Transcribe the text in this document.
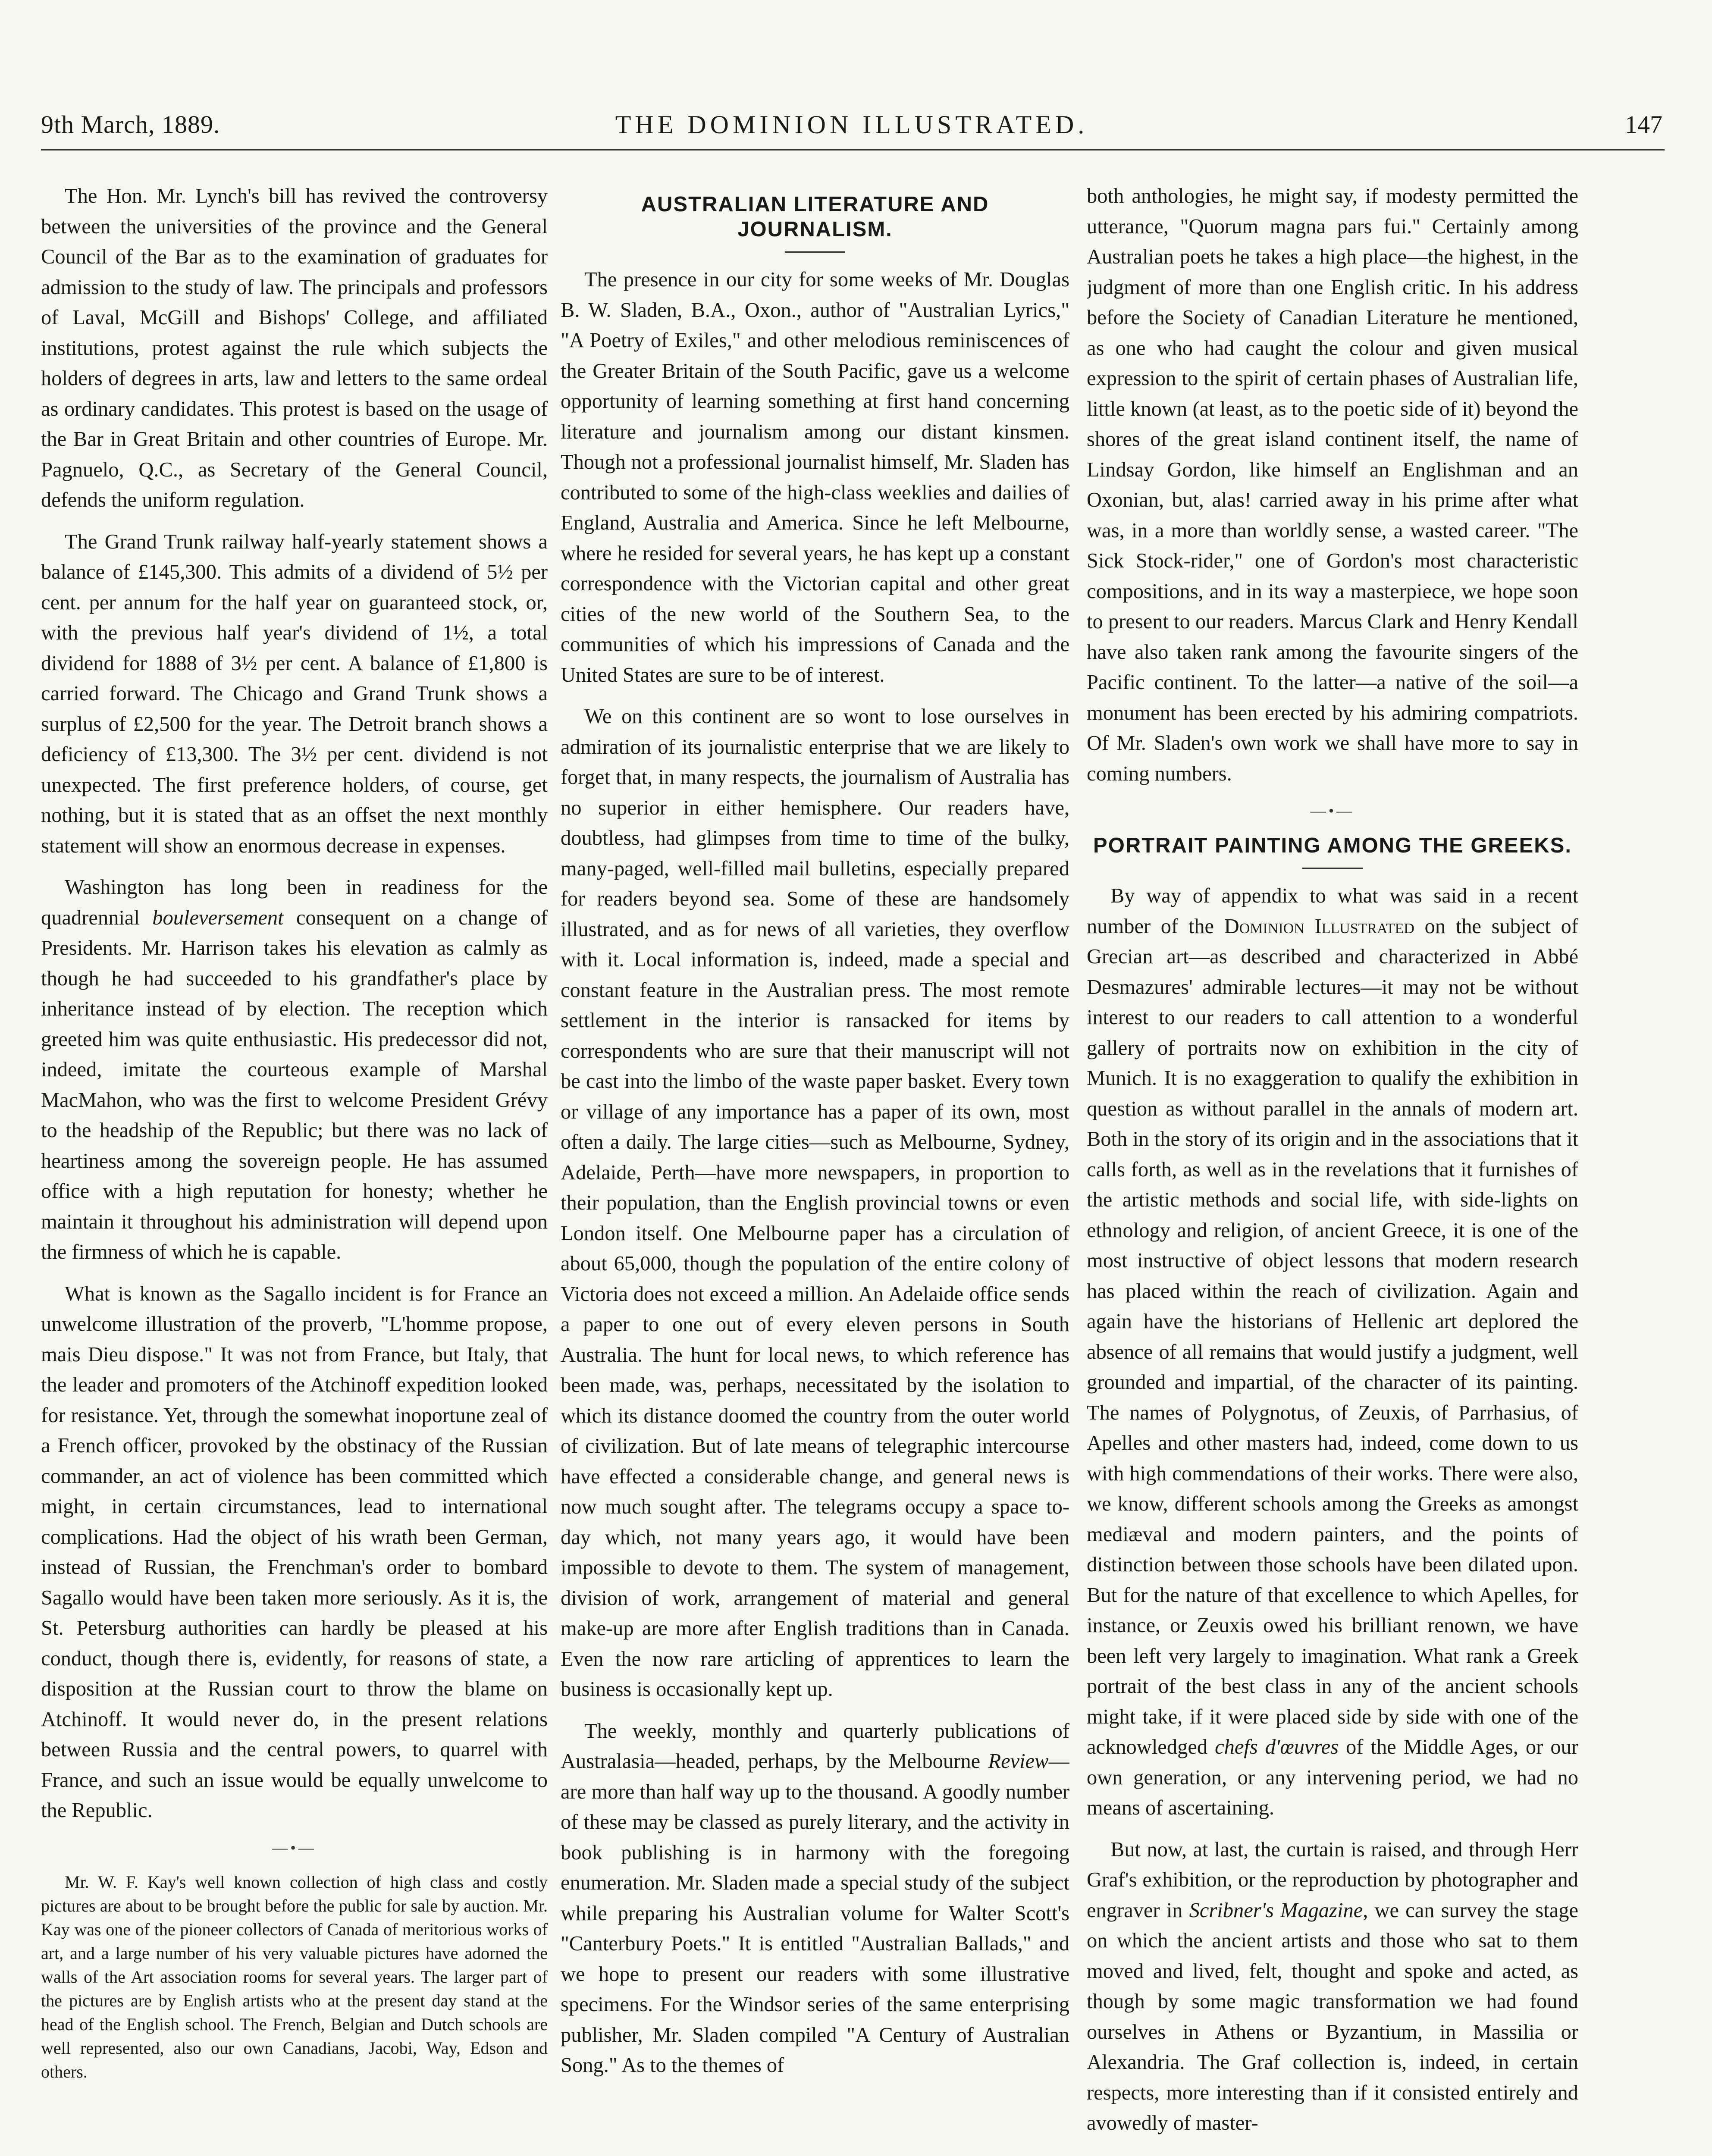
9th March, 1889.	THE DOMINION ILLUSTRATED.	147

The Hon. Mr. Lynch's bill has revived the controversy between the universities of the province and the General Council of the Bar as to the examination of graduates for admission to the study of law. The principals and professors of Laval, McGill and Bishops' College, and affiliated institutions, protest against the rule which subjects the holders of degrees in arts, law and letters to the same ordeal as ordinary candidates. This protest is based on the usage of the Bar in Great Britain and other countries of Europe. Mr. Pagnuelo, Q.C., as Secretary of the General Council, defends the uniform regulation.

The Grand Trunk railway half-yearly statement shows a balance of £145,300. This admits of a dividend of 5½ per cent. per annum for the half year on guaranteed stock, or, with the previous half year's dividend of 1½, a total dividend for 1888 of 3½ per cent. A balance of £1,800 is carried forward. The Chicago and Grand Trunk shows a surplus of £2,500 for the year. The Detroit branch shows a deficiency of £13,300. The 3½ per cent. dividend is not unexpected. The first preference holders, of course, get nothing, but it is stated that as an offset the next monthly statement will show an enormous decrease in expenses.

Washington has long been in readiness for the quadrennial bouleversement consequent on a change of Presidents. Mr. Harrison takes his elevation as calmly as though he had succeeded to his grandfather's place by inheritance instead of by election. The reception which greeted him was quite enthusiastic. His predecessor did not, indeed, imitate the courteous example of Marshal MacMahon, who was the first to welcome President Grévy to the headship of the Republic; but there was no lack of heartiness among the sovereign people. He has assumed office with a high reputation for honesty; whether he maintain it throughout his administration will depend upon the firmness of which he is capable.

What is known as the Sagallo incident is for France an unwelcome illustration of the proverb, "L'homme propose, mais Dieu dispose." It was not from France, but Italy, that the leader and promoters of the Atchinoff expedition looked for resistance. Yet, through the somewhat inoportune zeal of a French officer, provoked by the obstinacy of the Russian commander, an act of violence has been committed which might, in certain circumstances, lead to international complications. Had the object of his wrath been German, instead of Russian, the Frenchman's order to bombard Sagallo would have been taken more seriously. As it is, the St. Petersburg authorities can hardly be pleased at his conduct, though there is, evidently, for reasons of state, a disposition at the Russian court to throw the blame on Atchinoff. It would never do, in the present relations between Russia and the central powers, to quarrel with France, and such an issue would be equally unwelcome to the Republic.

—•—

Mr. W. F. Kay's well known collection of high class and costly pictures are about to be brought before the public for sale by auction. Mr. Kay was one of the pioneer collectors of Canada of meritorious works of art, and a large number of his very valuable pictures have adorned the walls of the Art association rooms for several years. The larger part of the pictures are by English artists who at the present day stand at the head of the English school. The French, Belgian and Dutch schools are well represented, also our own Canadians, Jacobi, Way, Edson and others.

AUSTRALIAN LITERATURE AND JOURNALISM.

The presence in our city for some weeks of Mr. Douglas B. W. Sladen, B.A., Oxon., author of "Australian Lyrics," "A Poetry of Exiles," and other melodious reminiscences of the Greater Britain of the South Pacific, gave us a welcome opportunity of learning something at first hand concerning literature and journalism among our distant kinsmen. Though not a professional journalist himself, Mr. Sladen has contributed to some of the high-class weeklies and dailies of England, Australia and America. Since he left Melbourne, where he resided for several years, he has kept up a constant correspondence with the Victorian capital and other great cities of the new world of the Southern Sea, to the communities of which his impressions of Canada and the United States are sure to be of interest.

We on this continent are so wont to lose ourselves in admiration of its journalistic enterprise that we are likely to forget that, in many respects, the journalism of Australia has no superior in either hemisphere. Our readers have, doubtless, had glimpses from time to time of the bulky, many-paged, well-filled mail bulletins, especially prepared for readers beyond sea. Some of these are handsomely illustrated, and as for news of all varieties, they overflow with it. Local information is, indeed, made a special and constant feature in the Australian press. The most remote settlement in the interior is ransacked for items by correspondents who are sure that their manuscript will not be cast into the limbo of the waste paper basket. Every town or village of any importance has a paper of its own, most often a daily. The large cities—such as Melbourne, Sydney, Adelaide, Perth—have more newspapers, in proportion to their population, than the English provincial towns or even London itself. One Melbourne paper has a circulation of about 65,000, though the population of the entire colony of Victoria does not exceed a million. An Adelaide office sends a paper to one out of every eleven persons in South Australia. The hunt for local news, to which reference has been made, was, perhaps, necessitated by the isolation to which its distance doomed the country from the outer world of civilization. But of late means of telegraphic intercourse have effected a considerable change, and general news is now much sought after. The telegrams occupy a space to-day which, not many years ago, it would have been impossible to devote to them. The system of management, division of work, arrangement of material and general make-up are more after English traditions than in Canada. Even the now rare articling of apprentices to learn the business is occasionally kept up.

The weekly, monthly and quarterly publications of Australasia—headed, perhaps, by the Melbourne Review—are more than half way up to the thousand. A goodly number of these may be classed as purely literary, and the activity in book publishing is in harmony with the foregoing enumeration. Mr. Sladen made a special study of the subject while preparing his Australian volume for Walter Scott's "Canterbury Poets." It is entitled "Australian Ballads," and we hope to present our readers with some illustrative specimens. For the Windsor series of the same enterprising publisher, Mr. Sladen compiled "A Century of Australian Song." As to the themes of

both anthologies, he might say, if modesty permitted the utterance, "Quorum magna pars fui." Certainly among Australian poets he takes a high place—the highest, in the judgment of more than one English critic. In his address before the Society of Canadian Literature he mentioned, as one who had caught the colour and given musical expression to the spirit of certain phases of Australian life, little known (at least, as to the poetic side of it) beyond the shores of the great island continent itself, the name of Lindsay Gordon, like himself an Englishman and an Oxonian, but, alas! carried away in his prime after what was, in a more than worldly sense, a wasted career. "The Sick Stock-rider," one of Gordon's most characteristic compositions, and in its way a masterpiece, we hope soon to present to our readers. Marcus Clark and Henry Kendall have also taken rank among the favourite singers of the Pacific continent. To the latter—a native of the soil—a monument has been erected by his admiring compatriots. Of Mr. Sladen's own work we shall have more to say in coming numbers.

—•—
PORTRAIT PAINTING AMONG THE GREEKS.

By way of appendix to what was said in a recent number of the Dominion Illustrated on the subject of Grecian art—as described and characterized in Abbé Desmazures' admirable lectures—it may not be without interest to our readers to call attention to a wonderful gallery of portraits now on exhibition in the city of Munich. It is no exaggeration to qualify the exhibition in question as without parallel in the annals of modern art. Both in the story of its origin and in the associations that it calls forth, as well as in the revelations that it furnishes of the artistic methods and social life, with side-lights on ethnology and religion, of ancient Greece, it is one of the most instructive of object lessons that modern research has placed within the reach of civilization. Again and again have the historians of Hellenic art deplored the absence of all remains that would justify a judgment, well grounded and impartial, of the character of its painting. The names of Polygnotus, of Zeuxis, of Parrhasius, of Apelles and other masters had, indeed, come down to us with high commendations of their works. There were also, we know, different schools among the Greeks as amongst mediæval and modern painters, and the points of distinction between those schools have been dilated upon. But for the nature of that excellence to which Apelles, for instance, or Zeuxis owed his brilliant renown, we have been left very largely to imagination. What rank a Greek portrait of the best class in any of the ancient schools might take, if it were placed side by side with one of the acknowledged chefs d'œuvres of the Middle Ages, or our own generation, or any intervening period, we had no means of ascertaining.

But now, at last, the curtain is raised, and through Herr Graf's exhibition, or the reproduction by photographer and engraver in Scribner's Magazine, we can survey the stage on which the ancient artists and those who sat to them moved and lived, felt, thought and spoke and acted, as though by some magic transformation we had found ourselves in Athens or Byzantium, in Massilia or Alexandria. The Graf collection is, indeed, in certain respects, more interesting than if it consisted entirely and avowedly of master-
